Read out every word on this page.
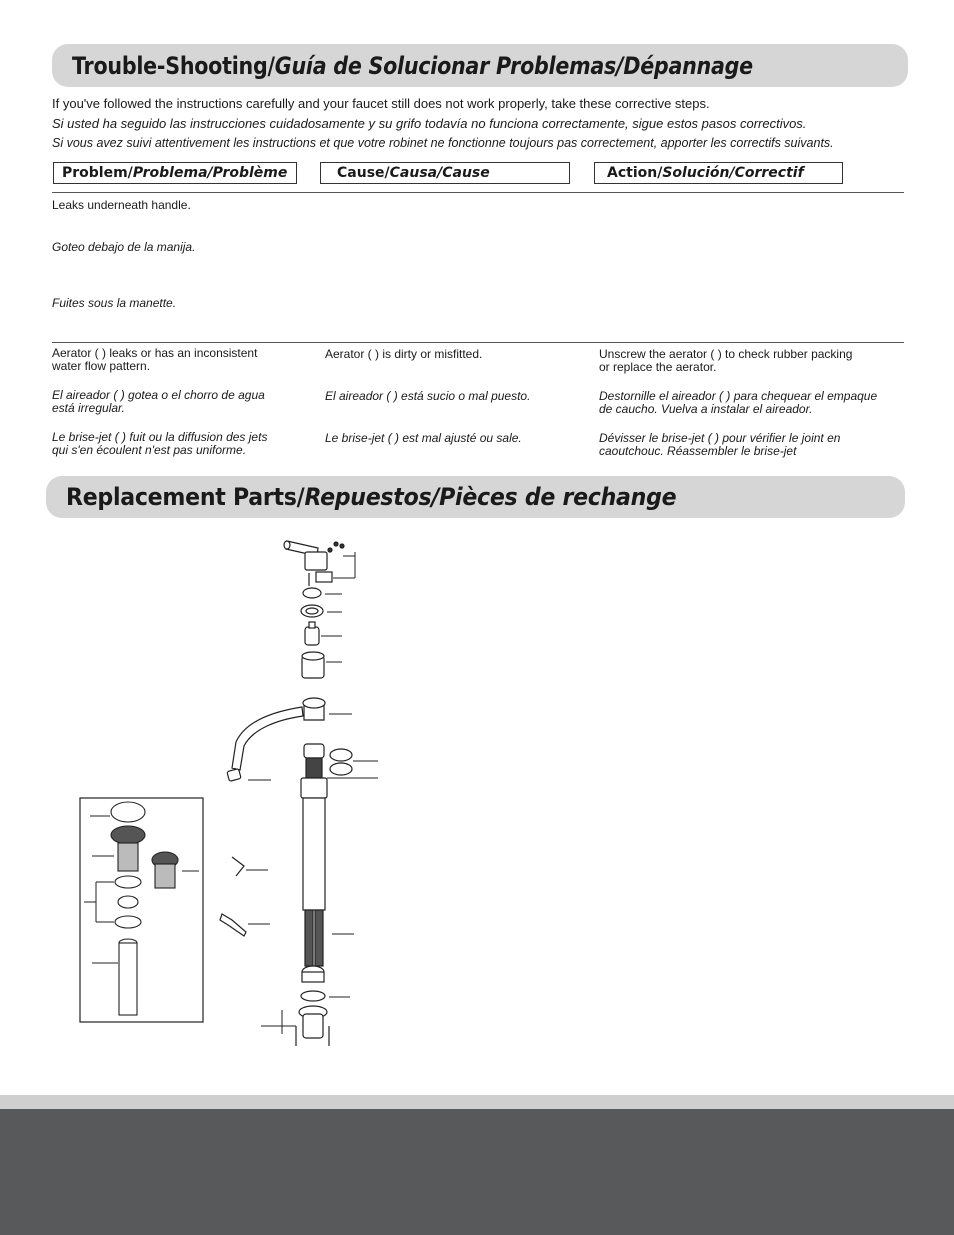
Trouble-Shooting/Guía de Solucionar Problemas/Dépannage
If you've followed the instructions carefully and your faucet still does not work properly, take these corrective steps.
Si usted ha seguido las instrucciones cuidadosamente y su grifo todavía no funciona correctamente, sigue estos pasos correctivos.
Si vous avez suivi attentivement les instructions et que votre robinet ne fonctionne toujours pas correctement, apporter les correctifs suivants.
Problem/Problema/Problème	Cause/Causa/Cause	Action/Solución/Correctif
Leaks underneath handle.
Goteo debajo de la manija.
Fuites sous la manette.
Aerator ( ) leaks or has an inconsistent
water flow pattern.
El aireador ( ) gotea o el chorro de agua
está irregular.
Le brise-jet ( ) fuit ou la diffusion des jets
qui s'en écoulent n'est pas uniforme.
Aerator ( ) is dirty or misfitted.
El aireador ( ) está sucio o mal puesto.
Le brise-jet ( ) est mal ajusté ou sale.
Unscrew the aerator ( ) to check rubber packing
or replace the aerator.
Destornille el aireador ( ) para chequear el empaque
de caucho. Vuelva a instalar el aireador.
Dévisser le brise-jet ( ) pour vérifier le joint en
caoutchouc. Réassembler le brise-jet
Replacement Parts/Repuestos/Pièces de rechange
